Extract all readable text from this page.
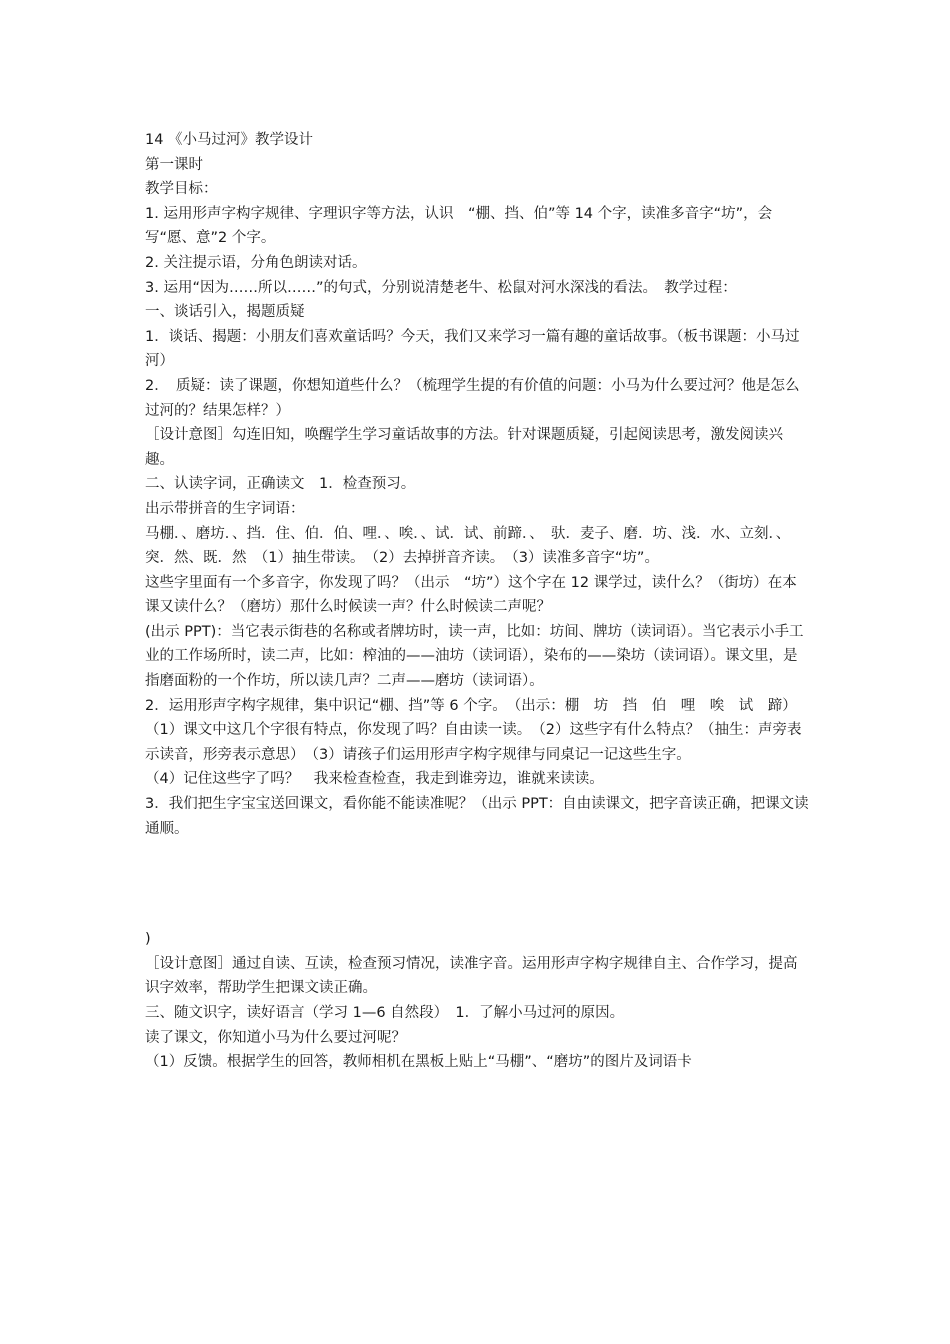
14 《小马过河》教学设计

第一课时

教学目标：

1. 运用形声字构字规律、字理识字等方法，认识　“棚、挡、伯”等 14 个字，读准多音字“坊”，会写“愿、意”2 个字。

2. 关注提示语，分角色朗读对话。

3. 运用“因为……所以……”的句式，分别说清楚老牛、松鼠对河水深浅的看法。　教学过程：

一、谈话引入，揭题质疑

1．谈话、揭题：小朋友们喜欢童话吗？今天，我们又来学习一篇有趣的童话故事。（板书课题：小马过河）

2．　质疑：读了课题，你想知道些什么？（梳理学生提的有价值的问题：小马为什么要过河？他是怎么过河的？结果怎样？）

［设计意图］勾连旧知，唤醒学生学习童话故事的方法。针对课题质疑，引起阅读思考，激发阅读兴趣。

二、认读字词，正确读文　1．检查预习。

出示带拼音的生字词语：

马棚．、磨坊．、挡．住、伯．伯、哩．、唉．、试．试、前蹄．、　驮．麦子、磨．坊、浅．水、立刻．、突．然、既．然　（1）抽生带读。　（2）去掉拼音齐读。　（3）读准多音字“坊”。

这些字里面有一个多音字，你发现了吗？（出示　“坊”）这个字在 12 课学过，读什么？（街坊）在本课又读什么？（磨坊）那什么时候读一声？什么时候读二声呢？

(出示 PPT)：当它表示街巷的名称或者牌坊时，读一声，比如：坊间、牌坊（读词语）。当它表示小手工业的工作场所时，读二声，比如：榨油的——油坊（读词语），染布的——染坊（读词语）。课文里，是指磨面粉的一个作坊，所以读几声？二声——磨坊（读词语）。

2．运用形声字构字规律，集中识记“棚、挡”等 6 个字。　（出示：棚　坊　挡　伯　哩　唉　试　蹄）

（1）课文中这几个字很有特点，你发现了吗？自由读一读。　（2）这些字有什么特点？（抽生：声旁表示读音，形旁表示意思）　（3）请孩子们运用形声字构字规律与同桌记一记这些生字。

（4）记住这些字了吗？　我来检查检查，我走到谁旁边，谁就来读读。

3．我们把生字宝宝送回课文，看你能不能读准呢？（出示 PPT：自由读课文，把字音读正确，把课文读通顺。

)

［设计意图］通过自读、互读，检查预习情况，读准字音。运用形声字构字规律自主、合作学习，提高识字效率，帮助学生把课文读正确。

三、随文识字，读好语言（学习 1—6 自然段）　1．了解小马过河的原因。

读了课文，你知道小马为什么要过河呢？

（1）反馈。根据学生的回答，教师相机在黑板上贴上“马棚”、“磨坊”的图片及词语卡
